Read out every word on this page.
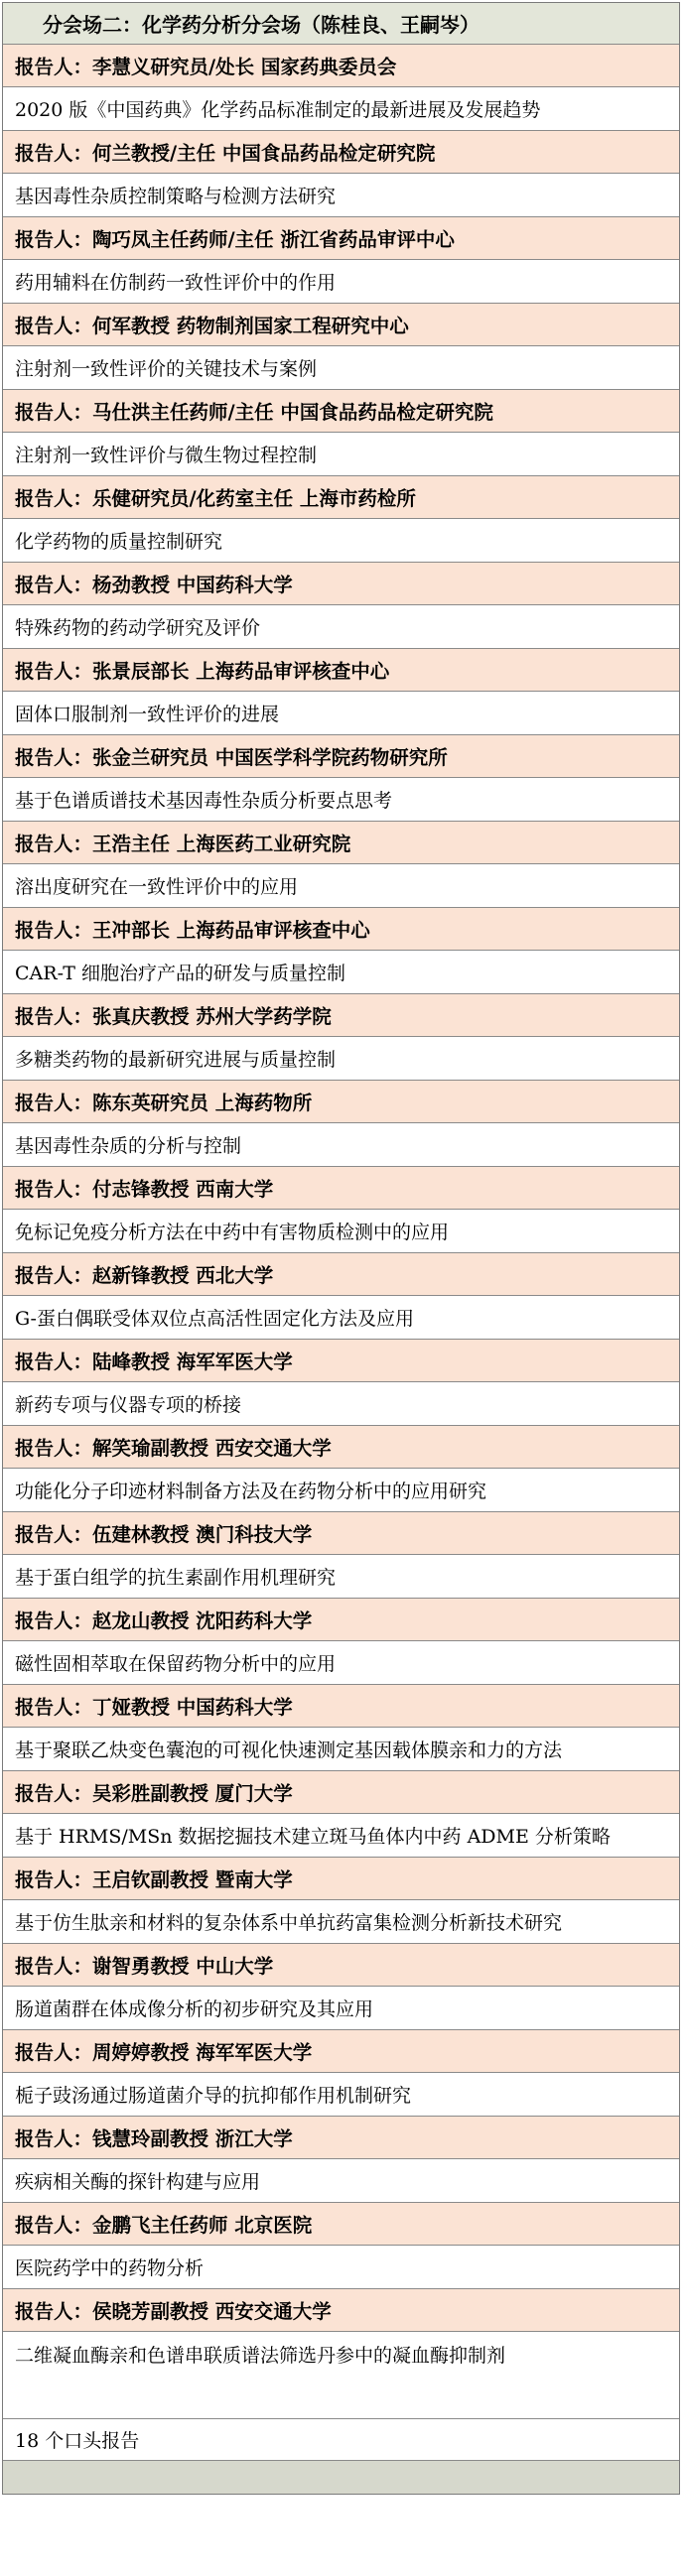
分会场二：化学药分析分会场（陈桂良、王嗣岑）
报告人：李慧义研究员/处长 国家药典委员会
2020 版《中国药典》化学药品标准制定的最新进展及发展趋势
报告人：何兰教授/主任 中国食品药品检定研究院
基因毒性杂质控制策略与检测方法研究
报告人：陶巧凤主任药师/主任 浙江省药品审评中心
药用辅料在仿制药一致性评价中的作用
报告人：何军教授 药物制剂国家工程研究中心
注射剂一致性评价的关键技术与案例
报告人：马仕洪主任药师/主任 中国食品药品检定研究院
注射剂一致性评价与微生物过程控制
报告人：乐健研究员/化药室主任 上海市药检所
化学药物的质量控制研究
报告人：杨劲教授 中国药科大学
特殊药物的药动学研究及评价
报告人：张景辰部长 上海药品审评核查中心
固体口服制剂一致性评价的进展
报告人：张金兰研究员 中国医学科学院药物研究所
基于色谱质谱技术基因毒性杂质分析要点思考
报告人：王浩主任 上海医药工业研究院
溶出度研究在一致性评价中的应用
报告人：王冲部长 上海药品审评核查中心
CAR-T 细胞治疗产品的研发与质量控制
报告人：张真庆教授 苏州大学药学院
多糖类药物的最新研究进展与质量控制
报告人：陈东英研究员 上海药物所
基因毒性杂质的分析与控制
报告人：付志锋教授 西南大学
免标记免疫分析方法在中药中有害物质检测中的应用
报告人：赵新锋教授 西北大学
G-蛋白偶联受体双位点高活性固定化方法及应用
报告人：陆峰教授 海军军医大学
新药专项与仪器专项的桥接
报告人：解笑瑜副教授 西安交通大学
功能化分子印迹材料制备方法及在药物分析中的应用研究
报告人：伍建林教授 澳门科技大学
基于蛋白组学的抗生素副作用机理研究
报告人：赵龙山教授 沈阳药科大学
磁性固相萃取在保留药物分析中的应用
报告人：丁娅教授 中国药科大学
基于聚联乙炔变色囊泡的可视化快速测定基因载体膜亲和力的方法
报告人：吴彩胜副教授 厦门大学
基于 HRMS/MSn 数据挖掘技术建立斑马鱼体内中药 ADME 分析策略
报告人：王启钦副教授 暨南大学
基于仿生肽亲和材料的复杂体系中单抗药富集检测分析新技术研究
报告人：谢智勇教授 中山大学
肠道菌群在体成像分析的初步研究及其应用
报告人：周婷婷教授 海军军医大学
栀子豉汤通过肠道菌介导的抗抑郁作用机制研究
报告人：钱慧玲副教授 浙江大学
疾病相关酶的探针构建与应用
报告人：金鹏飞主任药师 北京医院
医院药学中的药物分析
报告人：侯晓芳副教授 西安交通大学
二维凝血酶亲和色谱串联质谱法筛选丹参中的凝血酶抑制剂
18 个口头报告
